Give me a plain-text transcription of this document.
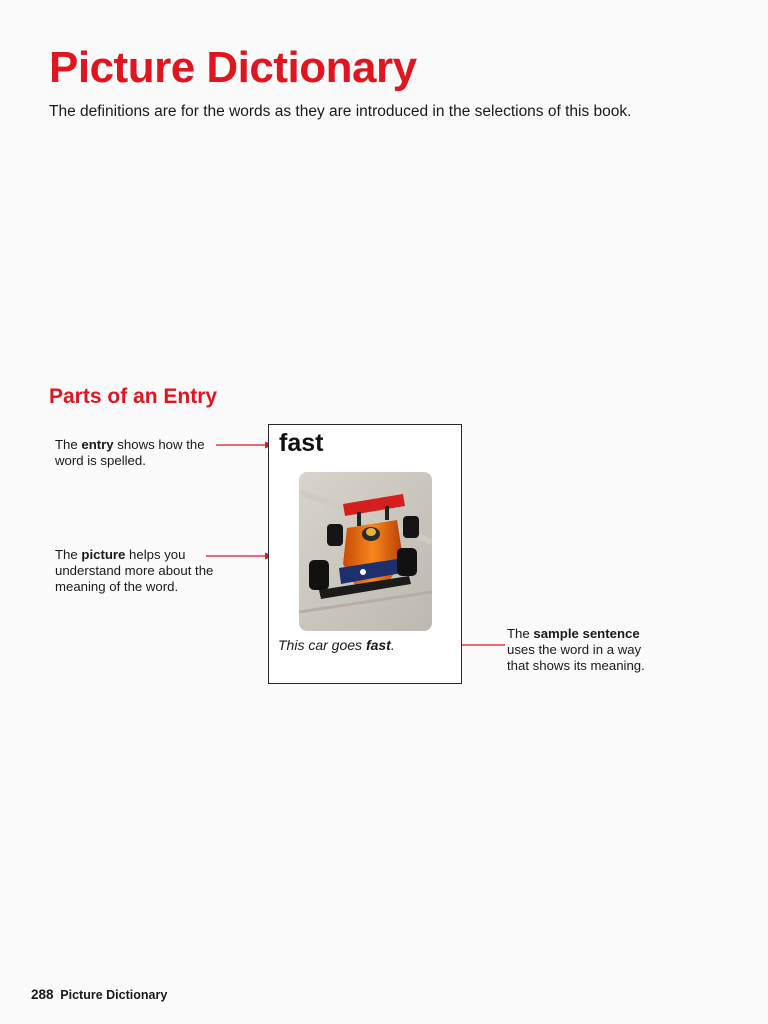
Picture Dictionary

The definitions are for the words as they are introduced in the selections of this book.

Parts of an Entry
The entry shows how the word is spelled.
The picture helps you understand more about the meaning of the word.
The sample sentence uses the word in a way that shows its meaning.
fast
This car goes fast.
288 Picture Dictionary
